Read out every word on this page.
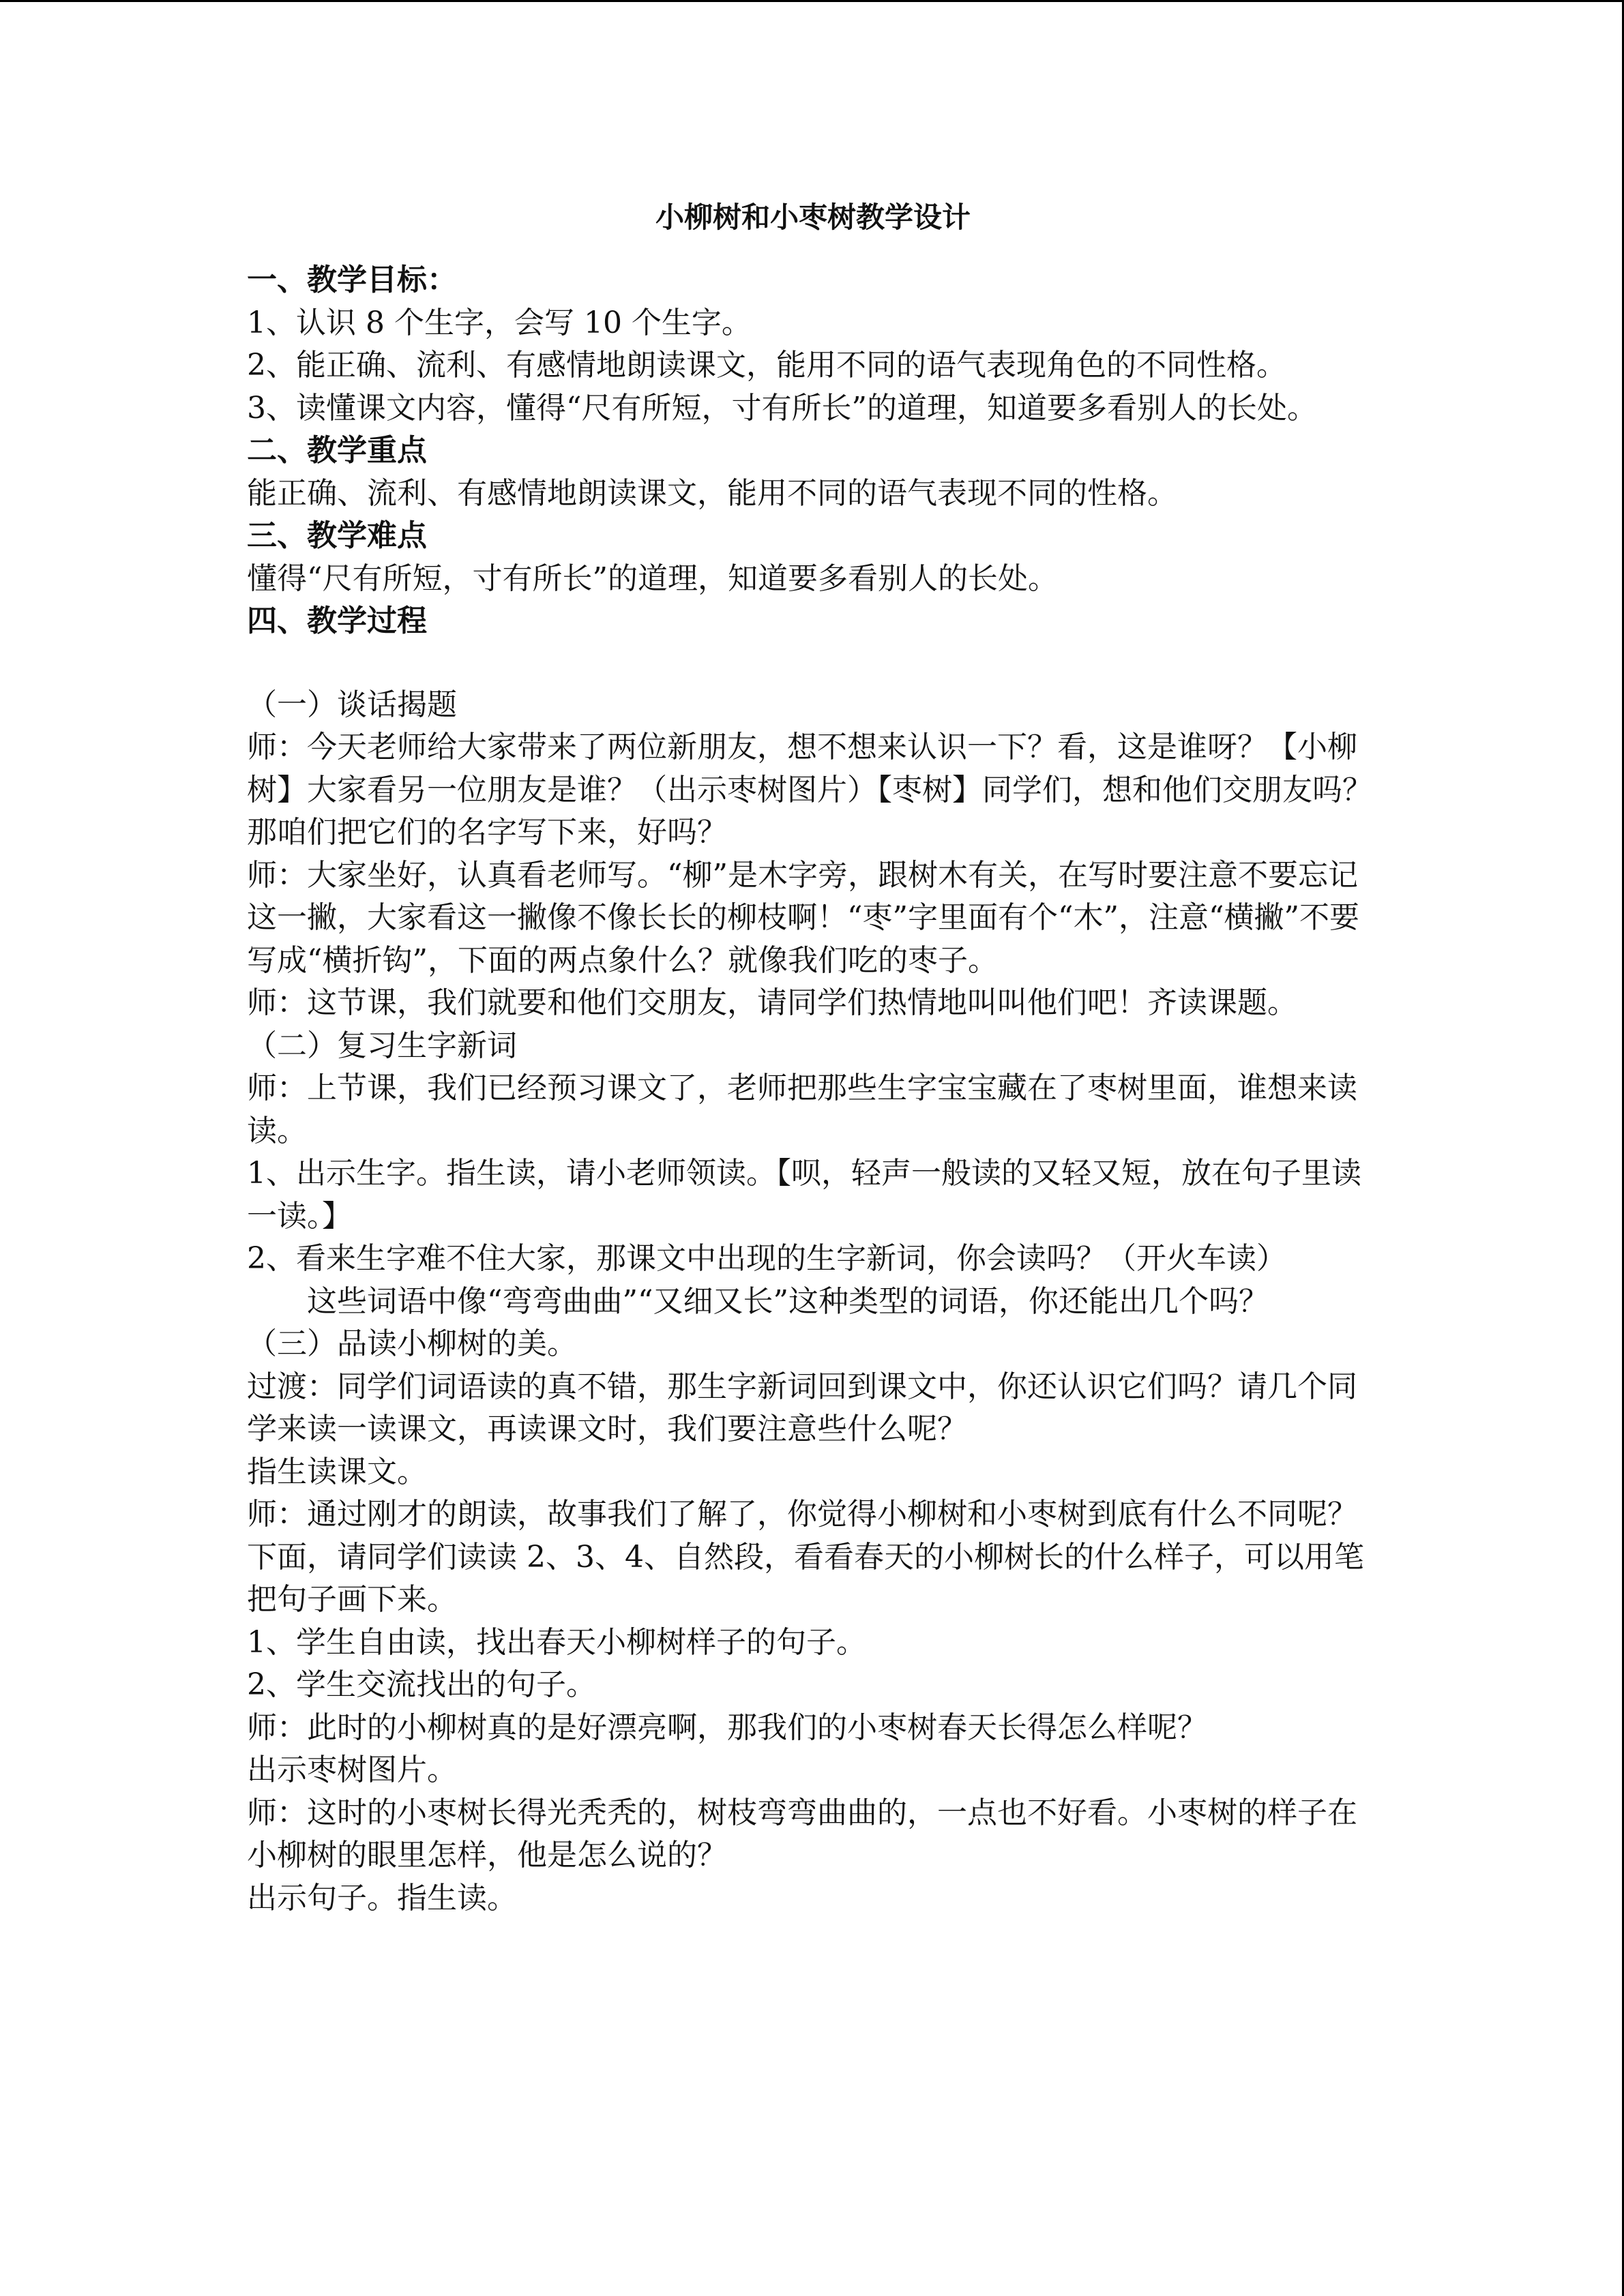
小柳树和小枣树教学设计
一、教学目标：
1、认识 8 个生字，会写 10 个生字。
2、能正确、流利、有感情地朗读课文，能用不同的语气表现角色的不同性格。
3、读懂课文内容，懂得“尺有所短，寸有所长”的道理，知道要多看别人的长处。
二、教学重点
能正确、流利、有感情地朗读课文，能用不同的语气表现不同的性格。
三、教学难点
懂得“尺有所短，寸有所长”的道理，知道要多看别人的长处。
四、教学过程
（一）谈话揭题
师：今天老师给大家带来了两位新朋友，想不想来认识一下？看，这是谁呀？【小柳树】大家看另一位朋友是谁？（出示枣树图片）【枣树】同学们，想和他们交朋友吗？那咱们把它们的名字写下来，好吗？
师：大家坐好，认真看老师写。“柳”是木字旁，跟树木有关，在写时要注意不要忘记这一撇，大家看这一撇像不像长长的柳枝啊！“枣”字里面有个“木”，注意“横撇”不要写成“横折钩”，下面的两点象什么？就像我们吃的枣子。
师：这节课，我们就要和他们交朋友，请同学们热情地叫叫他们吧！齐读课题。
（二）复习生字新词
师：上节课，我们已经预习课文了，老师把那些生字宝宝藏在了枣树里面，谁想来读读。
1、出示生字。指生读，请小老师领读。【呗，轻声一般读的又轻又短，放在句子里读一读。】
2、看来生字难不住大家，那课文中出现的生字新词，你会读吗？（开火车读）
这些词语中像“弯弯曲曲”“又细又长”这种类型的词语，你还能出几个吗？
（三）品读小柳树的美。
过渡：同学们词语读的真不错，那生字新词回到课文中，你还认识它们吗？请几个同学来读一读课文，再读课文时，我们要注意些什么呢？
指生读课文。
师：通过刚才的朗读，故事我们了解了，你觉得小柳树和小枣树到底有什么不同呢？下面，请同学们读读 2、3、4、自然段，看看春天的小柳树长的什么样子，可以用笔把句子画下来。
1、学生自由读，找出春天小柳树样子的句子。
2、学生交流找出的句子。
师：此时的小柳树真的是好漂亮啊，那我们的小枣树春天长得怎么样呢？
出示枣树图片。
师：这时的小枣树长得光秃秃的，树枝弯弯曲曲的，一点也不好看。小枣树的样子在小柳树的眼里怎样，他是怎么说的？
出示句子。指生读。
